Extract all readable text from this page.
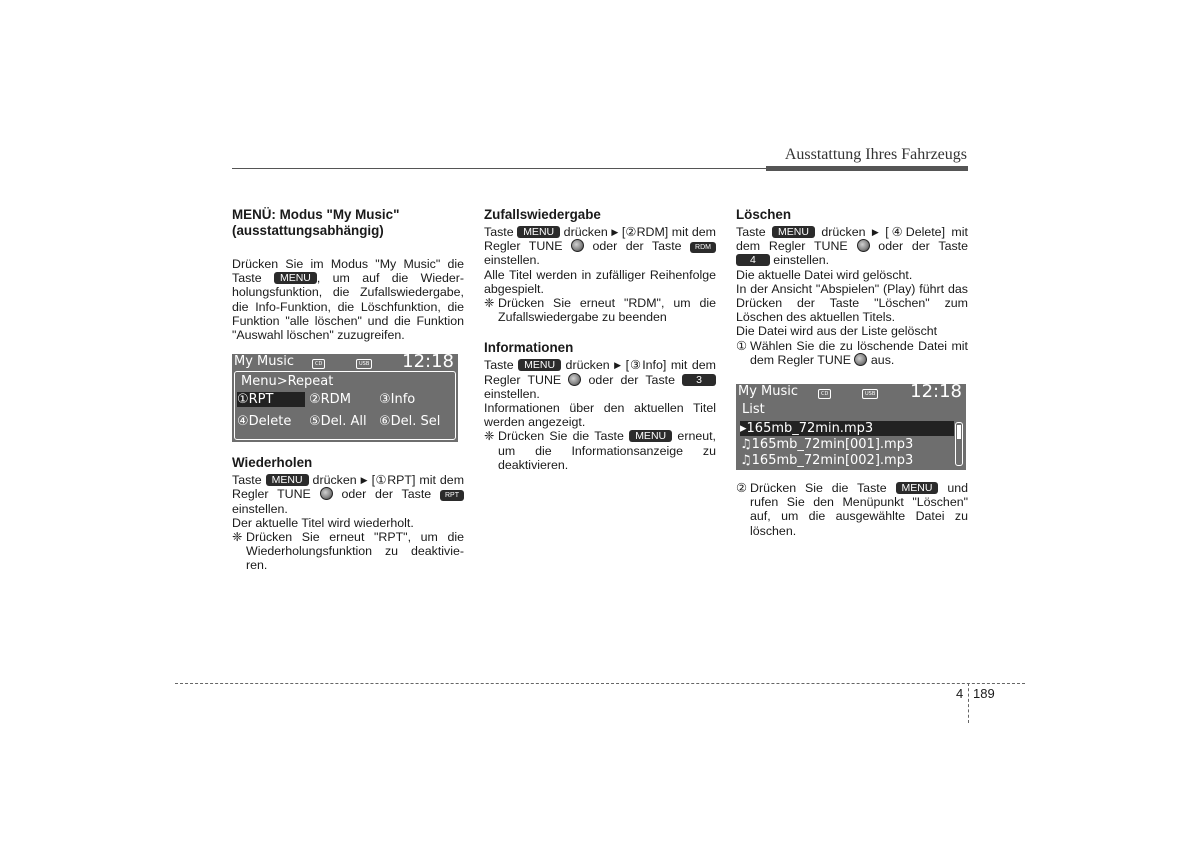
Ausstattung Ihres Fahrzeugs
MENÜ: Modus "My Music"
(ausstattungsabhängig)

Drücken Sie im Modus "My Music" die Taste MENU , um auf die Wieder-holungsfunktion, die Zufallswiedergabe, die Info-Funktion, die Löschfunktion, die Funktion "alle löschen" und die Funktion "Auswahl löschen" zuzugreifen.

Wiederholen

Taste MENU drücken ▶ [①RPT] mit dem Regler TUNE oder der Taste RPT einstellen.

Der aktuelle Titel wird wiederholt.

❈ Drücken Sie erneut "RPT", um die Wiederholungsfunktion zu deaktivie-ren.
My Music	CD	USB 12:18
Menu>Repeat
①RPT	②RDM ③Info
④Delete ⑤Del. All ⑥Del. Sel
Zufallswiedergabe

Taste MENU drücken ▶ [②RDM] mit dem Regler TUNE oder der Taste RDM einstellen.

Alle Titel werden in zufälliger Reihenfolge abgespielt.

❈ Drücken Sie erneut "RDM", um die Zufallswiedergabe zu beenden
Informationen

Taste MENU drücken ▶ [③Info] mit dem Regler TUNE oder der Taste 3 einstellen.

Informationen über den aktuellen Titel werden angezeigt.

❈ Drücken Sie die Taste MENU erneut, um die Informationsanzeige zu deaktivieren.
Löschen

Taste MENU drücken ▶ [④Delete] mit dem Regler TUNE oder der Taste 4 einstellen.

Die aktuelle Datei wird gelöscht.

In der Ansicht "Abspielen" (Play) führt das Drücken der Taste "Löschen" zum Löschen des aktuellen Titels.

Die Datei wird aus der Liste gelöscht

① Wählen Sie die zu löschende Datei mit dem Regler TUNE aus.
② Drücken Sie die Taste MENU und rufen Sie den Menüpunkt "Löschen" auf, um die ausgewählte Datei zu löschen.
My Music	CD	USB 12:18
List
▸165mb_72min.mp3
♫165mb_72min[001].mp3
♫165mb_72min[002].mp3
4 189
